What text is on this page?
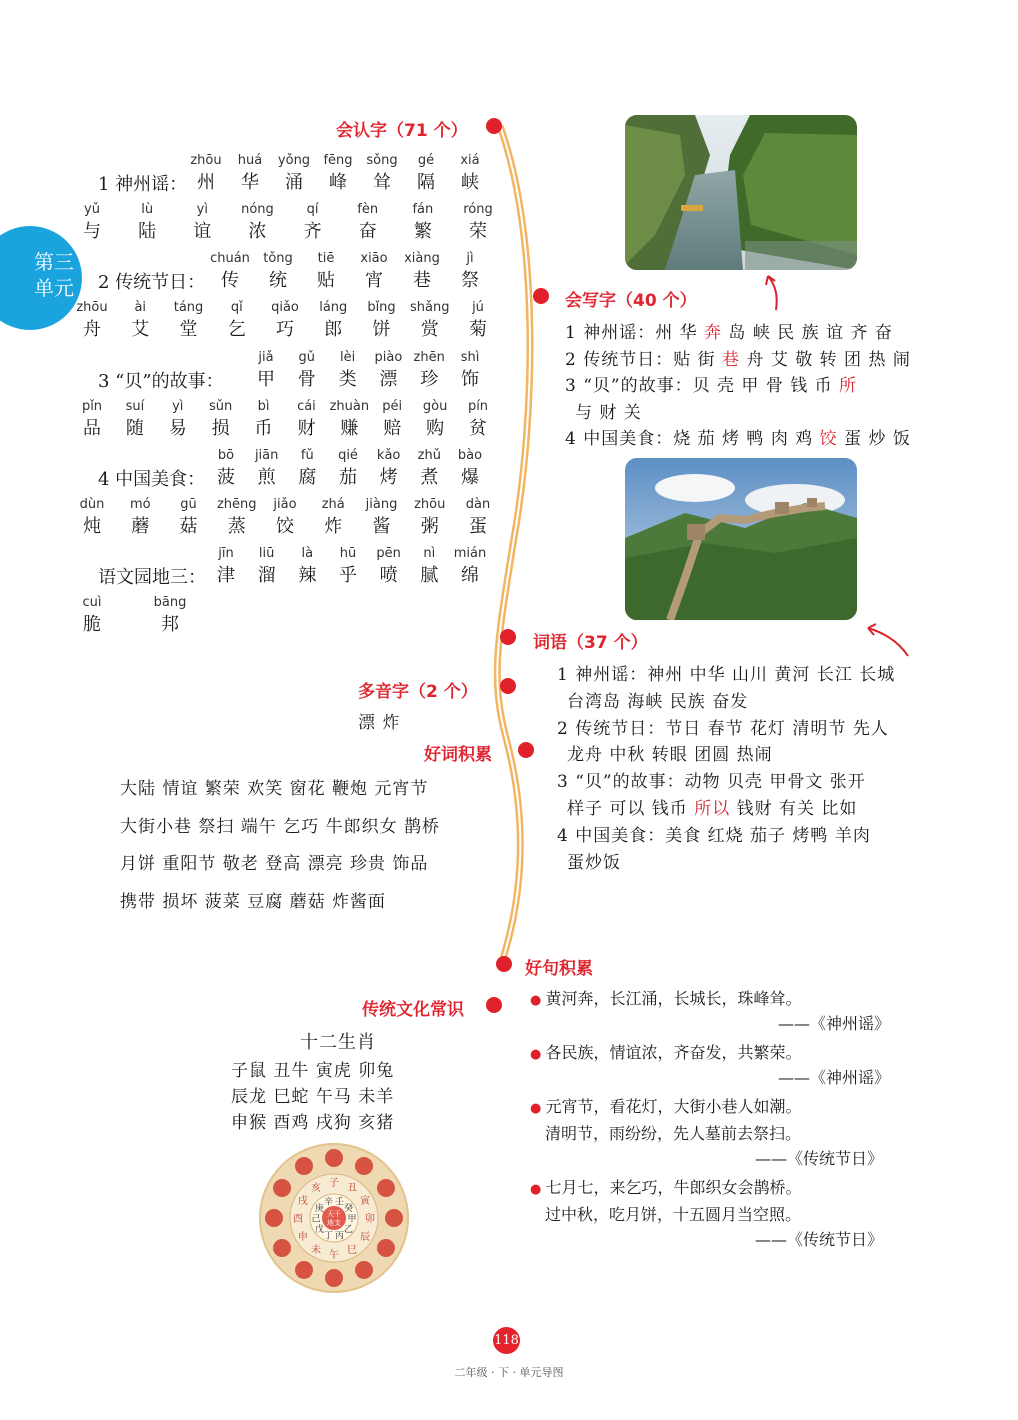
第三
单元
会认字（71 个）
会写字（40 个）
词语（37 个）
多音字（2 个）
好词积累
好句积累
传统文化常识
1 神州谣：
zhōu
州
huá
华
yǒng
涌
fēng
峰
sǒng
耸
gé
隔
xiá
峡
yǔ
与
lù
陆
yì
谊
nóng
浓
qí
齐
fèn
奋
fán
繁
róng
荣
2 传统节日：
chuán
传
tǒng
统
tiē
贴
xiāo
宵
xiàng
巷
jì
祭
zhōu
舟
ài
艾
táng
堂
qǐ
乞
qiǎo
巧
láng
郎
bǐng
饼
shǎng
赏
jú
菊
3 “贝”的故事：
jiǎ
甲
gǔ
骨
lèi
类
piào
漂
zhēn
珍
shì
饰
pǐn
品
suí
随
yì
易
sǔn
损
bì
币
cái
财
zhuàn
赚
péi
赔
gòu
购
pín
贫
4 中国美食：
bō
菠
jiān
煎
fǔ
腐
qié
茄
kǎo
烤
zhǔ
煮
bào
爆
dùn
炖
mó
蘑
gū
菇
zhēng
蒸
jiǎo
饺
zhá
炸
jiàng
酱
zhōu
粥
dàn
蛋
语文园地三：
jīn
津
liū
溜
là
辣
hū
乎
pēn
喷
nì
腻
mián
绵
cuì
脆
bāng
邦
1 神州谣：州 华 奔 岛 峡 民 族 谊 齐 奋
2 传统节日：贴 街 巷 舟 艾 敬 转 团 热 闹
3 “贝”的故事：贝 壳 甲 骨 钱 币 所
与 财 关
4 中国美食：烧 茄 烤 鸭 肉 鸡 饺 蛋 炒 饭
1 神州谣：神州 中华 山川 黄河 长江 长城
台湾岛 海峡 民族 奋发
2 传统节日：节日 春节 花灯 清明节 先人
龙舟 中秋 转眼 团圆 热闹
3 “贝”的故事：动物 贝壳 甲骨文 张开
样子 可以 钱币 所以 钱财 有关 比如
4 中国美食：美食 红烧 茄子 烤鸭 羊肉
蛋炒饭
漂 炸
大陆 情谊 繁荣 欢笑 窗花 鞭炮 元宵节
大街小巷 祭扫 端午 乞巧 牛郎织女 鹊桥
月饼 重阳节 敬老 登高 漂亮 珍贵 饰品
携带 损坏 菠菜 豆腐 蘑菇 炸酱面
● 黄河奔，长江涌，长城长，珠峰耸。
——《神州谣》
● 各民族，情谊浓，齐奋发，共繁荣。
——《神州谣》
● 元宵节，看花灯，大街小巷人如潮。
清明节，雨纷纷，先人墓前去祭扫。
——《传统节日》
● 七月七，来乞巧，牛郎织女会鹊桥。
过中秋，吃月饼，十五圆月当空照。
——《传统节日》
十二生肖
子鼠 丑牛 寅虎 卯兔
辰龙 巳蛇 午马 未羊
申猴 酉鸡 戌狗 亥猪
子 丑
寅
卯
辰
巳
午
未
申
酉
戌
亥
壬
癸
甲
乙
丙
丁
戊
己
庚
辛
天干
地支
118
二年级 · 下 · 单元导图
